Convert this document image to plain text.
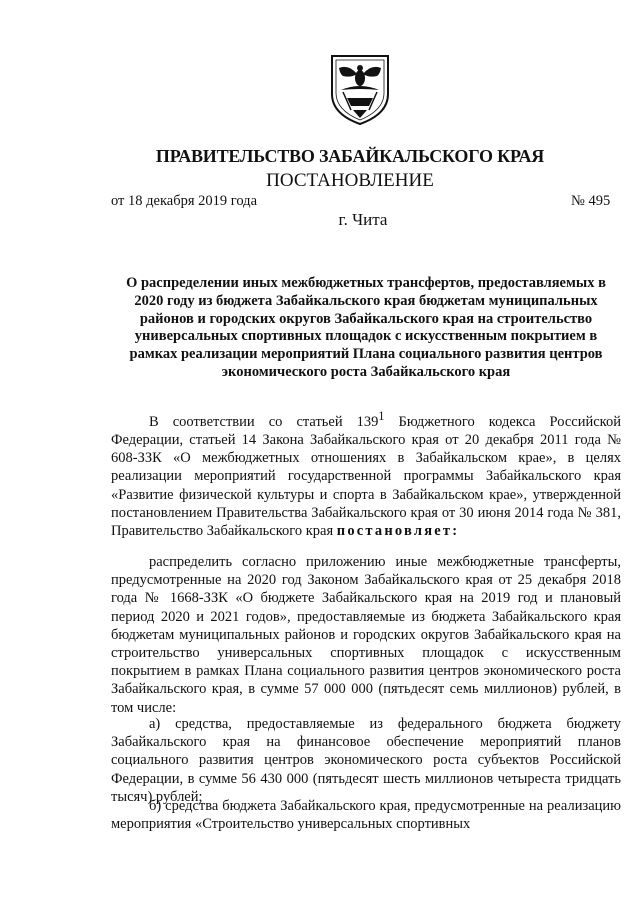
ПРАВИТЕЛЬСТВО ЗАБАЙКАЛЬСКОГО КРАЯ
ПОСТАНОВЛЕНИЕ
от 18 декабря 2019 года	№ 495
г. Чита
О распределении иных межбюджетных трансфертов, предоставляемых в 2020 году из бюджета Забайкальского края бюджетам муниципальных районов и городских округов Забайкальского края на строительство универсальных спортивных площадок с искусственным покрытием в рамках реализации мероприятий Плана социального развития центров экономического роста Забайкальского края

В соответствии со статьей $139^1$ Бюджетного кодекса Российской Федерации, статьей 14 Закона Забайкальского края от 20 декабря 2011 года № 608-ЗЗК «О межбюджетных отношениях в Забайкальском крае», в целях реализации мероприятий государственной программы Забайкальского края «Развитие физической культуры и спорта в Забайкальском крае», утвержденной постановлением Правительства Забайкальского края от 30 июня 2014 года № 381, Правительство Забайкальского края постановляет:

распределить согласно приложению иные межбюджетные трансферты, предусмотренные на 2020 год Законом Забайкальского края от 25 декабря 2018 года № 1668-ЗЗК «О бюджете Забайкальского края на 2019 год и плановый период 2020 и 2021 годов», предоставляемые из бюджета Забайкальского края бюджетам муниципальных районов и городских округов Забайкальского края на строительство универсальных спортивных площадок с искусственным покрытием в рамках Плана социального развития центров экономического роста Забайкальского края, в сумме 57 000 000 (пятьдесят семь миллионов) рублей, в том числе:

а) средства, предоставляемые из федерального бюджета бюджету Забайкальского края на финансовое обеспечение мероприятий планов социального развития центров экономического роста субъектов Российской Федерации, в сумме 56 430 000 (пятьдесят шесть миллионов четыреста тридцать тысяч) рублей;

б) средства бюджета Забайкальского края, предусмотренные на реализацию мероприятия «Строительство универсальных спортивных
